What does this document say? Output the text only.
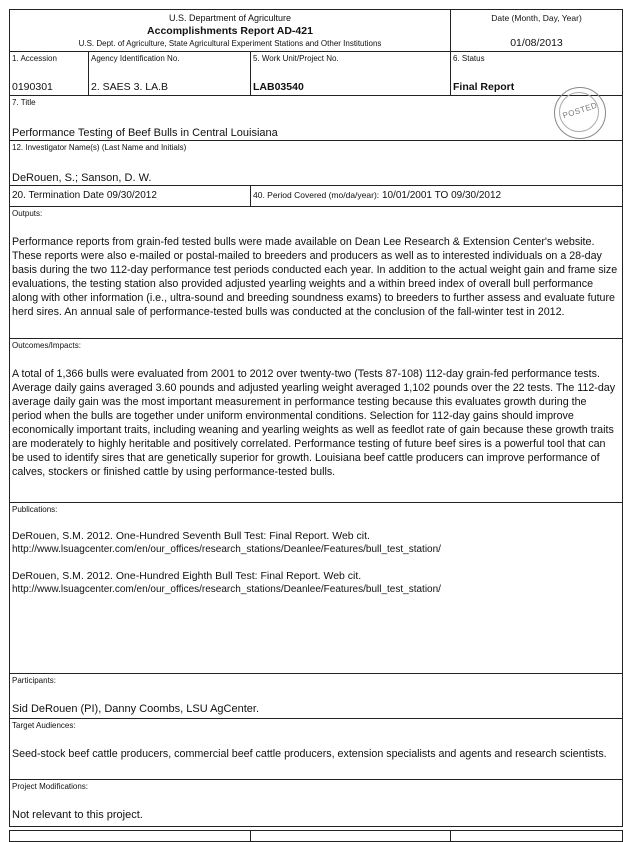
U.S. Department of Agriculture
Accomplishments Report AD-421
U.S. Dept. of Agriculture, State Agricultural Experiment Stations and Other Institutions
Date (Month, Day, Year)
01/08/2013
1. Accession
0190301
Agency Identification No.
2. SAES 3. LA.B
5. Work Unit/Project No.
LAB03540
6. Status
Final Report
7. Title
Performance Testing of Beef Bulls in Central Louisiana
POSTED
12. Investigator Name(s) (Last Name and Initials)
DeRouen, S.; Sanson, D. W.
20. Termination Date 09/30/2012	40. Period Covered (mo/da/year): 10/01/2001 TO 09/30/2012
Outputs:
Performance reports from grain-fed tested bulls were made available on Dean Lee Research & Extension Center's website. These reports were also e-mailed or postal-mailed to breeders and producers as well as to interested individuals on a 28-day basis during the two 112-day performance test periods conducted each year. In addition to the actual weight gain and frame size evaluations, the testing station also provided adjusted yearling weights and a within breed index of overall bull performance along with other information (i.e., ultra-sound and breeding soundness exams) to breeders to further assess and evaluate future herd sires. An annual sale of performance-tested bulls was conducted at the conclusion of the fall-winter test in 2012.
Outcomes/Impacts:
A total of 1,366 bulls were evaluated from 2001 to 2012 over twenty-two (Tests 87-108) 112-day grain-fed performance tests. Average daily gains averaged 3.60 pounds and adjusted yearling weight averaged 1,102 pounds over the 22 tests. The 112-day average daily gain was the most important measurement in performance testing because this evaluates growth during the period when the bulls are together under uniform environmental conditions. Selection for 112-day gains should improve economically important traits, including weaning and yearling weights as well as feedlot rate of gain because these growth traits are moderately to highly heritable and positively correlated. Performance testing of future beef sires is a powerful tool that can be used to identify sires that are genetically superior for growth. Louisiana beef cattle producers can improve performance of calves, stockers or finished cattle by using performance-tested bulls.
Publications:
DeRouen, S.M. 2012. One-Hundred Seventh Bull Test: Final Report. Web cit.
http://www.lsuagcenter.com/en/our_offices/research_stations/Deanlee/Features/bull_test_station/
DeRouen, S.M. 2012. One-Hundred Eighth Bull Test: Final Report. Web cit.
http://www.lsuagcenter.com/en/our_offices/research_stations/Deanlee/Features/bull_test_station/
Participants:
Sid DeRouen (PI), Danny Coombs, LSU AgCenter.
Target Audiences:
Seed-stock beef cattle producers, commercial beef cattle producers, extension specialists and agents and research scientists.
Project Modifications:
Not relevant to this project.
